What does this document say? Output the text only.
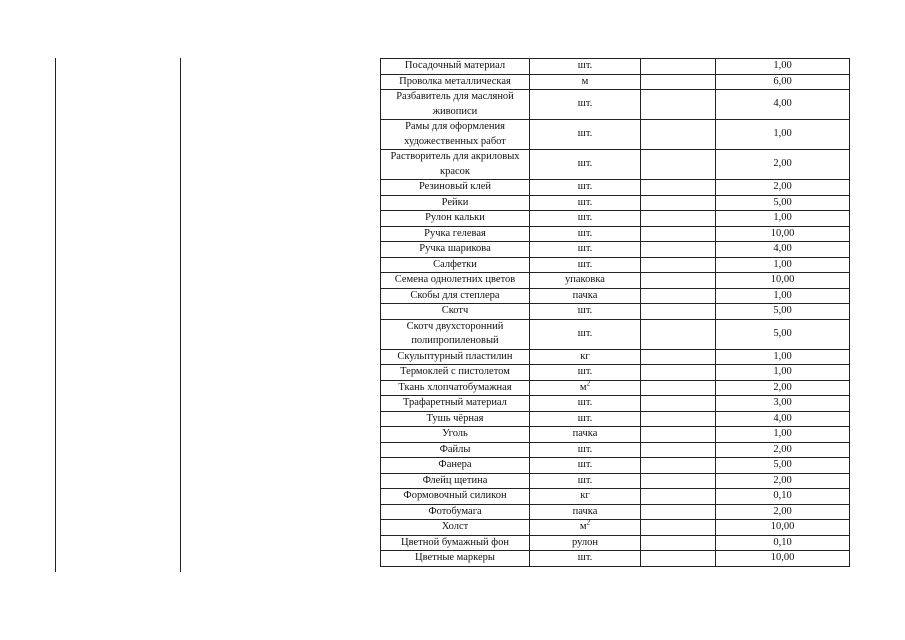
Посадочный материал	шт.		1,00
Проволка металлическая	м		6,00
Разбавитель для масляной живописи	шт.		4,00
Рамы для оформления художественных работ	шт.		1,00
Растворитель для акриловых красок	шт.		2,00
Резиновый клей	шт.		2,00
Рейки	шт.		5,00
Рулон кальки	шт.		1,00
Ручка гелевая	шт.		10,00
Ручка шарикова	шт.		4,00
Салфетки	шт.		1,00
Семена однолетних цветов	упаковка		10,00
Скобы для степлера	пачка		1,00
Скотч	шт.		5,00
Скотч двухсторонний полипропиленовый	шт.		5,00
Скульптурный пластилин	кг		1,00
Термоклей с пистолетом	шт.		1,00
Ткань хлопчатобумажная	$м^2$		2,00
Трафаретный материал	шт.		3,00
Тушь чёрная	шт.		4,00
Уголь	пачка		1,00
Файлы	шт.		2,00
Фанера	шт.		5,00
Флейц щетина	шт.		2,00
Формовочный силикон	кг		0,10
Фотобумага	пачка		2,00
Холст	$м^2$		10,00
Цветной бумажный фон	рулон		0,10
Цветные маркеры	шт.		10,00
